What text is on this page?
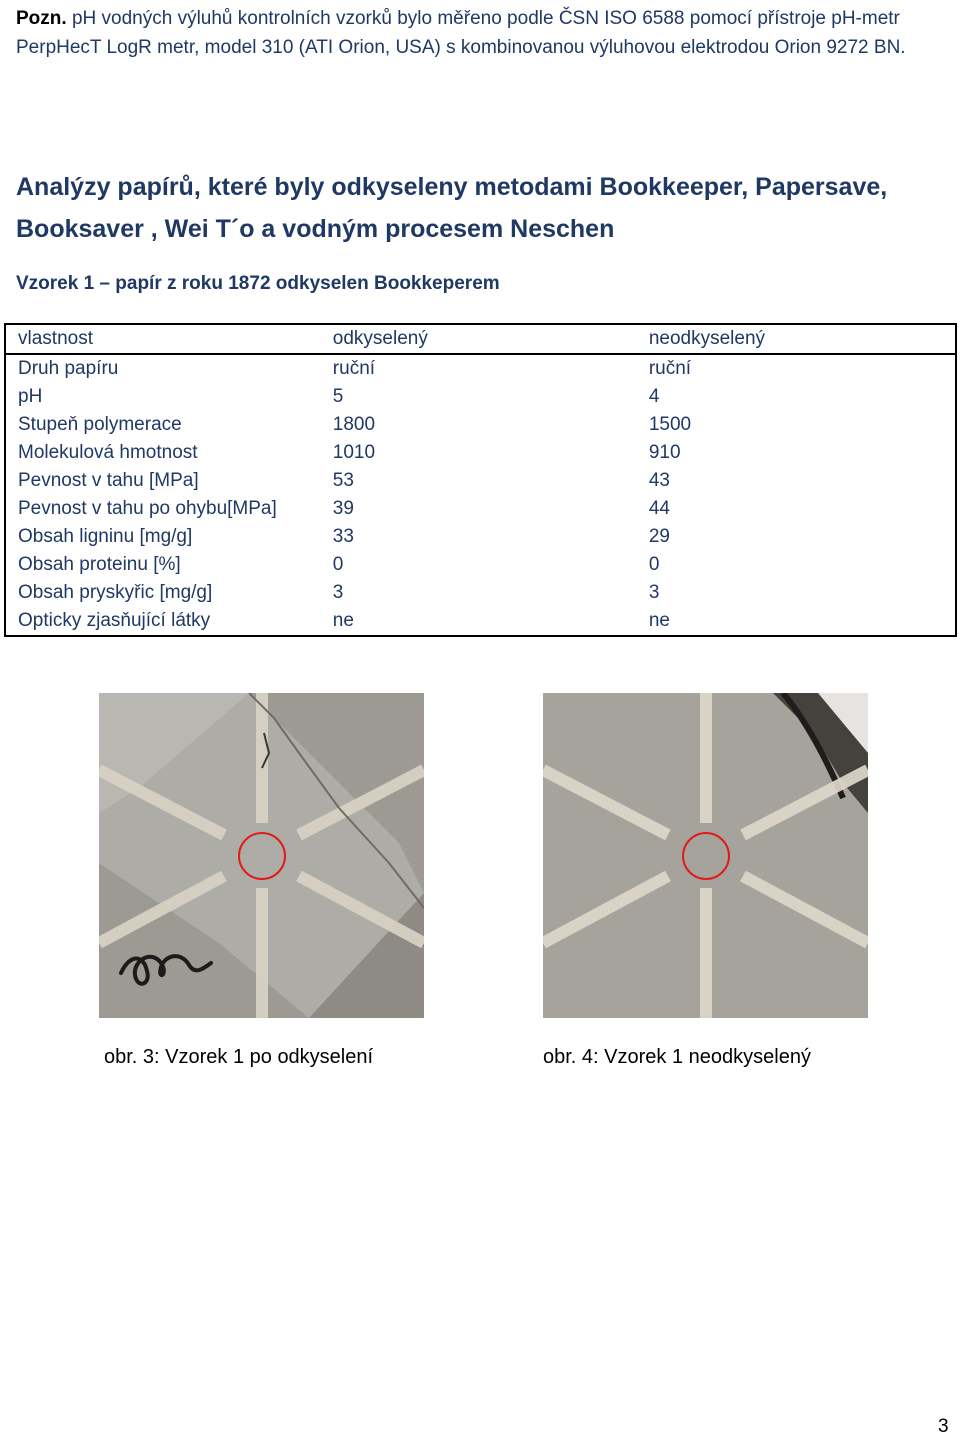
Pozn. pH vodných výluhů kontrolních vzorků bylo měřeno podle ČSN ISO 6588 pomocí přístroje pH-metr PerpHecT LogR metr, model 310 (ATI Orion, USA) s kombinovanou výluhovou elektrodou Orion 9272 BN.
Analýzy papírů, které byly odkyseleny metodami Bookkeeper, Papersave, Booksaver , Wei T´o a vodným procesem Neschen
Vzorek 1 – papír z roku 1872 odkyselen Bookkeperem
vlastnost	odkyselený	neodkyselený
Druh papíru	ruční	ruční
pH	5	4
Stupeň polymerace	1800	1500
Molekulová hmotnost	1010	910
Pevnost v tahu [MPa]	53	43
Pevnost v tahu po ohybu[MPa]	39	44
Obsah ligninu [mg/g]	33	29
Obsah proteinu [%]	0	0
Obsah pryskyřic [mg/g]	3	3
Opticky zjasňující látky	ne	ne
obr. 3: Vzorek 1 po odkyselení	obr. 4: Vzorek 1 neodkyselený
3
